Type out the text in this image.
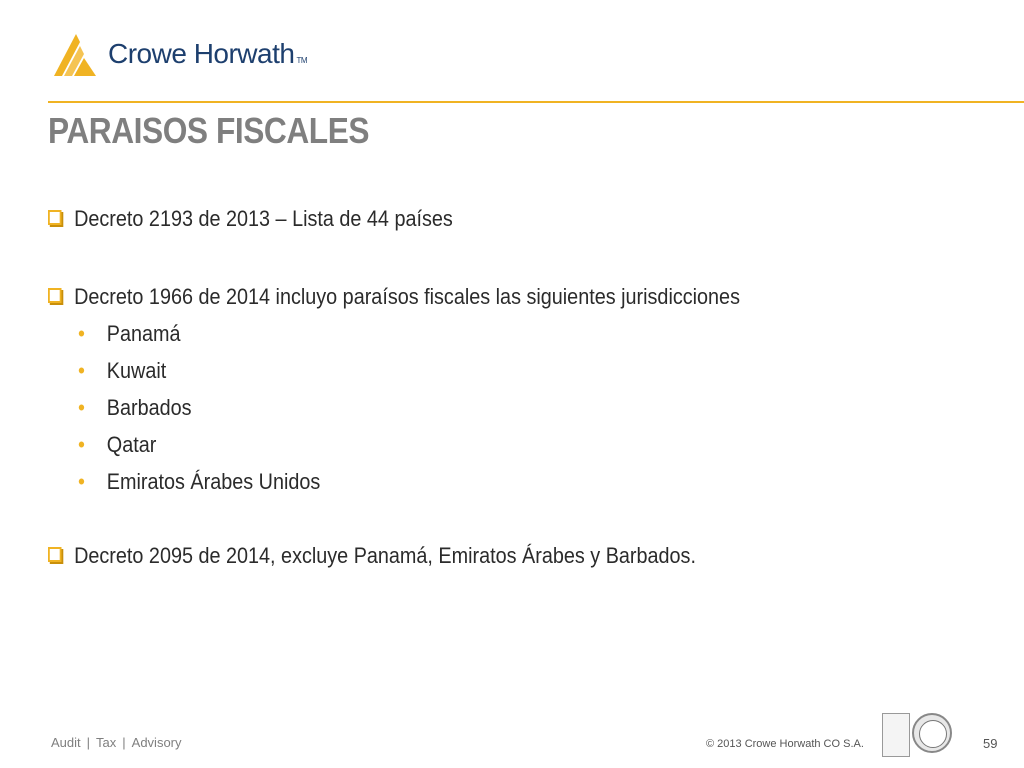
Crowe Horwath TM
PARAISOS FISCALES
Decreto 2193 de 2013 – Lista de 44 países
Decreto 1966 de 2014 incluyo paraísos fiscales las siguientes jurisdicciones
• Panamá
• Kuwait
• Barbados
• Qatar
• Emiratos Árabes Unidos
Decreto 2095 de 2014, excluye Panamá, Emiratos Árabes y Barbados.
Audit | Tax | Advisory	© 2013 Crowe Horwath CO S.A.	59
